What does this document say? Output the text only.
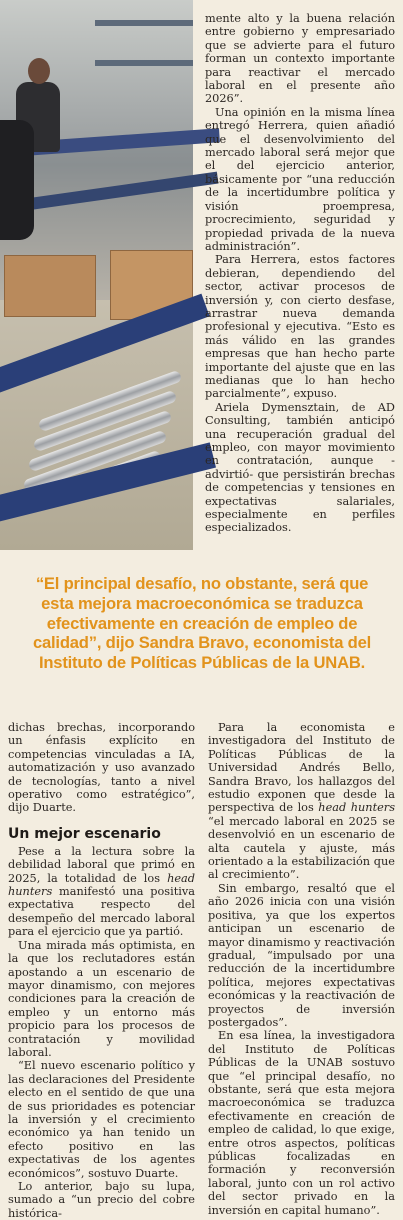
mente alto y la buena relación entre gobierno y empresariado que se advierte para el futuro forman un contexto importante para reactivar el mercado laboral en el presente año 2026”.

Una opinión en la misma línea entregó Herrera, quien añadió que el desenvolvimiento del mercado laboral será mejor que el del ejercicio anterior, básicamente por “una reducción de la incertidumbre política y visión proempresa, procrecimiento, seguridad y propiedad privada de la nueva administración”.

Para Herrera, estos factores debieran, dependiendo del sector, activar procesos de inversión y, con cierto desfase, arrastrar nueva demanda profesional y ejecutiva. “Esto es más válido en las grandes empresas que han hecho parte importante del ajuste que en las medianas que lo han hecho parcialmente”, expuso.

Ariela Dymensztain, de AD Consulting, también anticipó una recuperación gradual del empleo, con mayor movimiento en contratación, aunque -advirtió- que persistirán brechas de competencias y tensiones en expectativas salariales, especialmente en perfiles especializados.

“El principal desafío, no obstante, será que esta mejora macroeconómica se traduzca efectivamente en creación de empleo de calidad”, dijo Sandra Bravo, economista del Instituto de Políticas Públicas de la UNAB.

dichas brechas, incorporando un énfasis explícito en competencias vinculadas a IA, automatización y uso avanzado de tecnologías, tanto a nivel operativo como estratégico”, dijo Duarte.

Un mejor escenario

Pese a la lectura sobre la debilidad laboral que primó en 2025, la totalidad de los head hunters manifestó una positiva expectativa respecto del desempeño del mercado laboral para el ejercicio que ya partió.

Una mirada más optimista, en la que los reclutadores están apostando a un escenario de mayor dinamismo, con mejores condiciones para la creación de empleo y un entorno más propicio para los procesos de contratación y movilidad laboral.

“El nuevo escenario político y las declaraciones del Presidente electo en el sentido de que una de sus prioridades es potenciar la inversión y el crecimiento económico ya han tenido un efecto positivo en las expectativas de los agentes económicos”, sostuvo Duarte.

Lo anterior, bajo su lupa, sumado a “un precio del cobre histórica-

Para la economista e investigadora del Instituto de Políticas Públicas de la Universidad Andrés Bello, Sandra Bravo, los hallazgos del estudio exponen que desde la perspectiva de los head hunters “el mercado laboral en 2025 se desenvolvió en un escenario de alta cautela y ajuste, más orientado a la estabilización que al crecimiento”.

Sin embargo, resaltó que el año 2026 inicia con una visión positiva, ya que los expertos anticipan un escenario de mayor dinamismo y reactivación gradual, “impulsado por una reducción de la incertidumbre política, mejores expectativas económicas y la reactivación de proyectos de inversión postergados”.

En esa línea, la investigadora del Instituto de Políticas Públicas de la UNAB sostuvo que “el principal desafío, no obstante, será que esta mejora macroeconómica se traduzca efectivamente en creación de empleo de calidad, lo que exige, entre otros aspectos, políticas públicas focalizadas en formación y reconversión laboral, junto con un rol activo del sector privado en la inversión en capital humano”.
